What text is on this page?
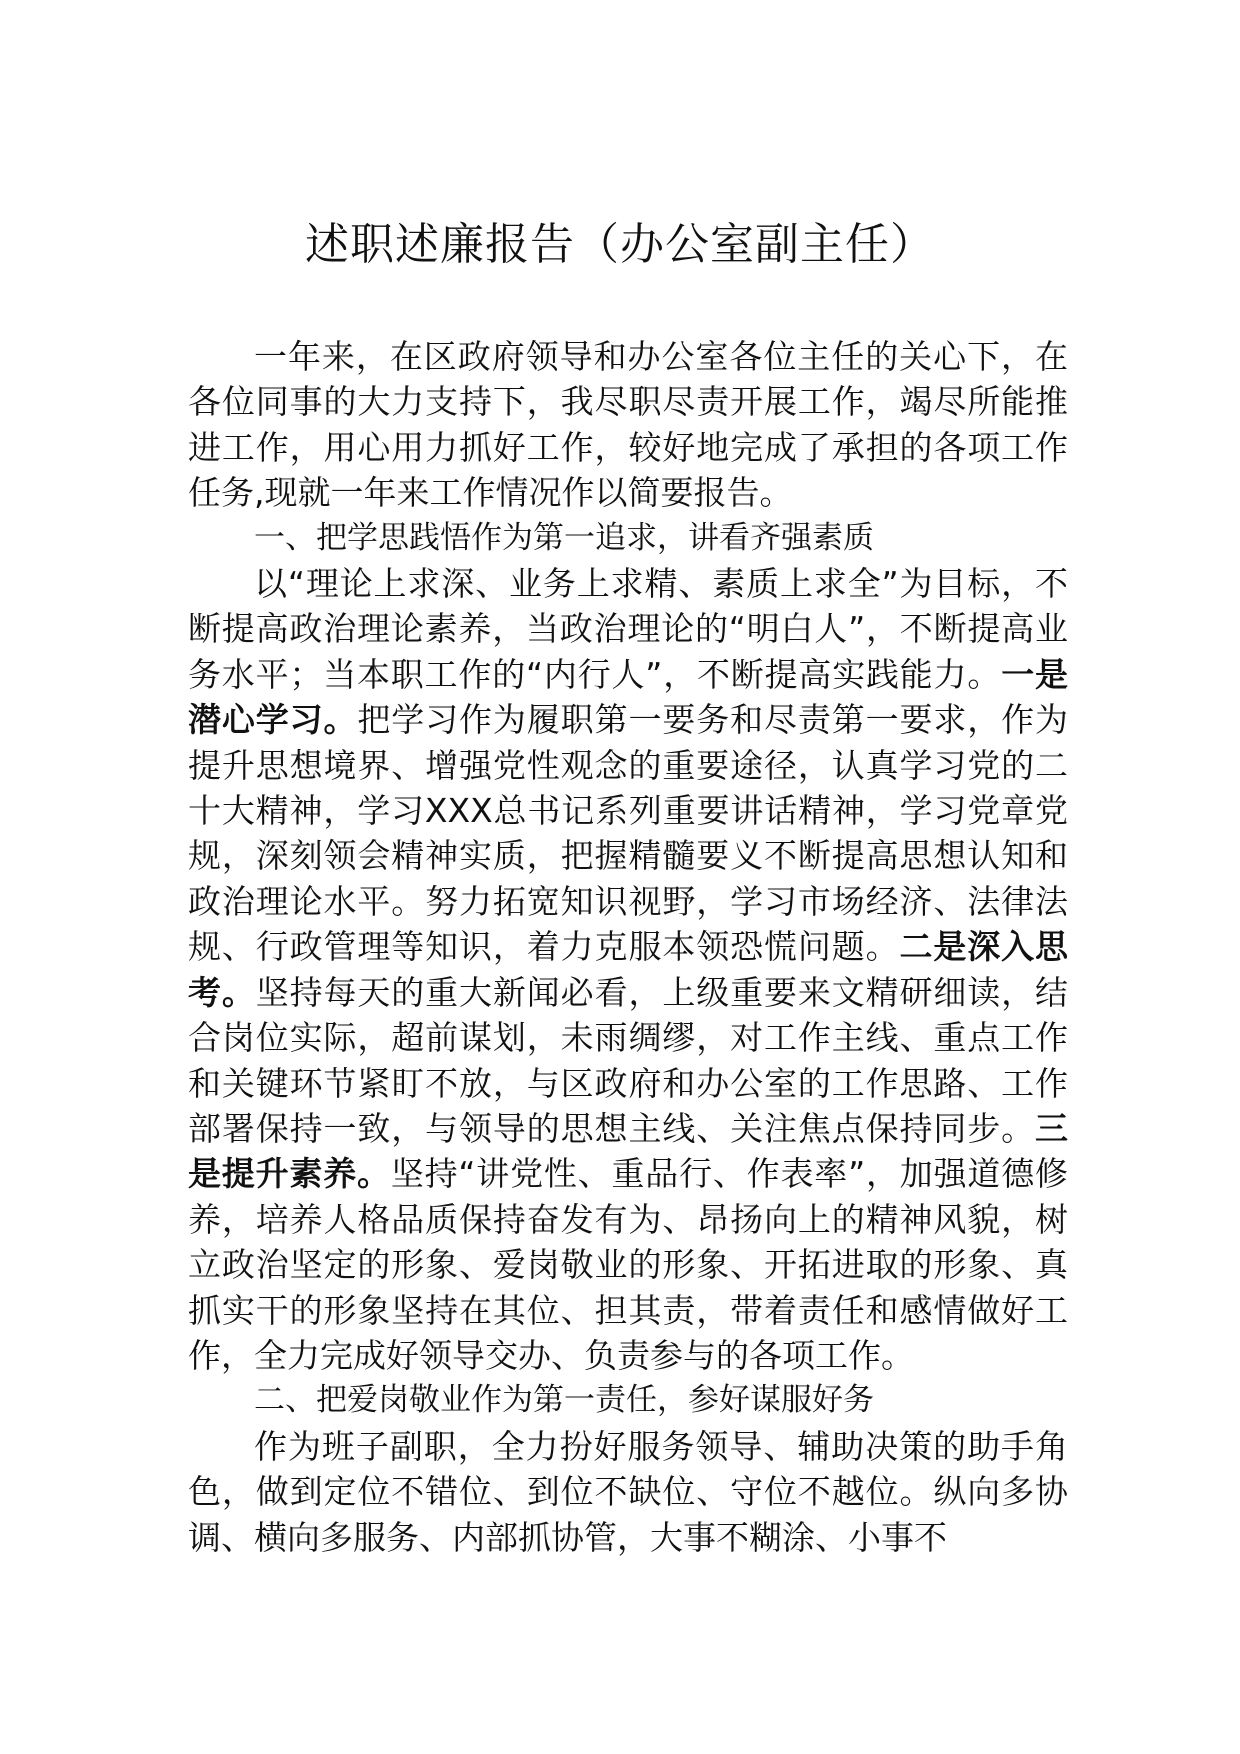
述职述廉报告（办公室副主任）

一年来，在区政府领导和办公室各位主任的关心下，在各位同事的大力支持下，我尽职尽责开展工作，竭尽所能推进工作，用心用力抓好工作，较好地完成了承担的各项工作任务,现就一年来工作情况作以简要报告。

一、把学思践悟作为第一追求，讲看齐强素质

以“理论上求深、业务上求精、素质上求全”为目标，不断提高政治理论素养，当政治理论的“明白人”，不断提高业务水平；当本职工作的“内行人”，不断提高实践能力。一是潜心学习。把学习作为履职第一要务和尽责第一要求，作为提升思想境界、增强党性观念的重要途径，认真学习党的二十大精神，学习XXX总书记系列重要讲话精神，学习党章党规，深刻领会精神实质，把握精髓要义不断提高思想认知和政治理论水平。努力拓宽知识视野，学习市场经济、法律法规、行政管理等知识，着力克服本领恐慌问题。二是深入思考。坚持每天的重大新闻必看，上级重要来文精研细读，结合岗位实际，超前谋划，未雨绸缪，对工作主线、重点工作和关键环节紧盯不放，与区政府和办公室的工作思路、工作部署保持一致，与领导的思想主线、关注焦点保持同步。三是提升素养。坚持“讲党性、重品行、作表率”，加强道德修养，培养人格品质保持奋发有为、昂扬向上的精神风貌，树立政治坚定的形象、爱岗敬业的形象、开拓进取的形象、真抓实干的形象坚持在其位、担其责，带着责任和感情做好工作，全力完成好领导交办、负责参与的各项工作。

二、把爱岗敬业作为第一责任，参好谋服好务

作为班子副职，全力扮好服务领导、辅助决策的助手角色，做到定位不错位、到位不缺位、守位不越位。纵向多协调、横向多服务、内部抓协管，大事不糊涂、小事不
